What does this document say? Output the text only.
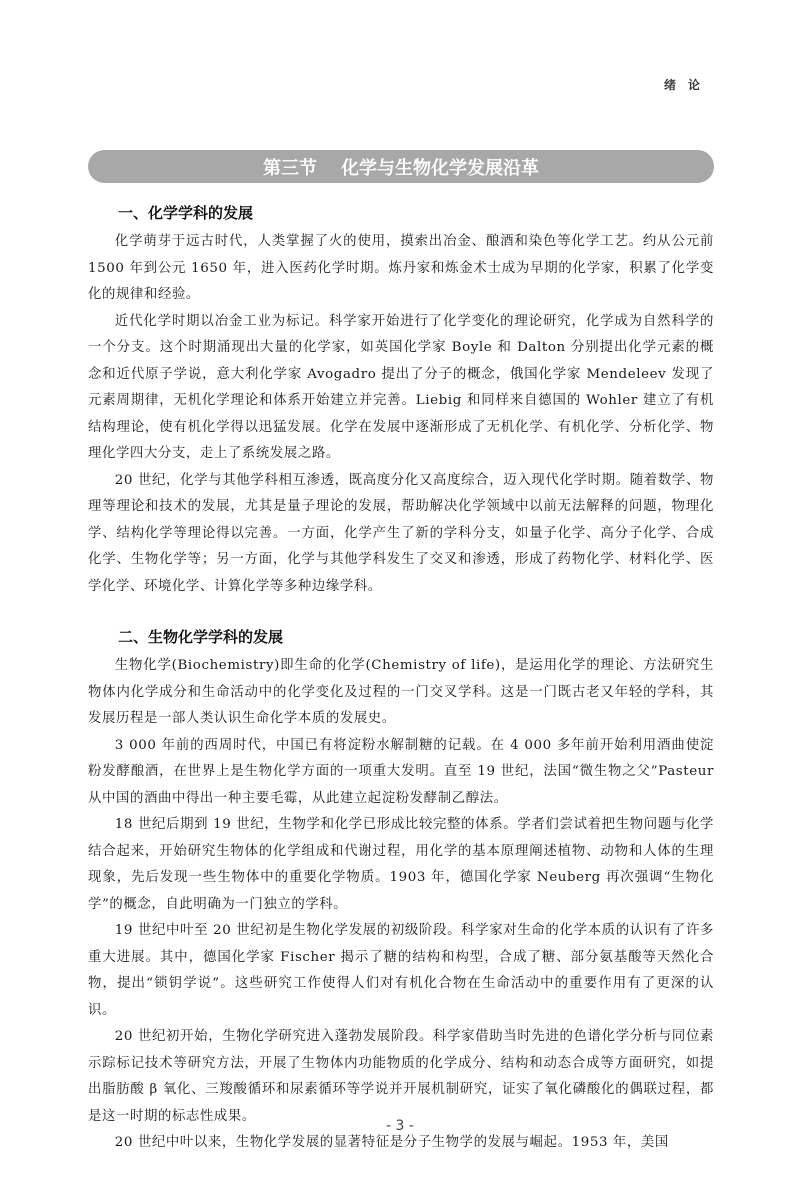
绪论
第三节 化学与生物化学发展沿革
一、化学学科的发展

化学萌芽于远古时代，人类掌握了火的使用，摸索出冶金、酿酒和染色等化学工艺。约从公元前 1500 年到公元 1650 年，进入医药化学时期。炼丹家和炼金术士成为早期的化学家，积累了化学变化的规律和经验。

近代化学时期以冶金工业为标记。科学家开始进行了化学变化的理论研究，化学成为自然科学的一个分支。这个时期涌现出大量的化学家，如英国化学家 Boyle 和 Dalton 分别提出化学元素的概念和近代原子学说，意大利化学家 Avogadro 提出了分子的概念，俄国化学家 Mendeleev 发现了元素周期律，无机化学理论和体系开始建立并完善。Liebig 和同样来自德国的 Wohler 建立了有机结构理论，使有机化学得以迅猛发展。化学在发展中逐渐形成了无机化学、有机化学、分析化学、物理化学四大分支，走上了系统发展之路。

20 世纪，化学与其他学科相互渗透，既高度分化又高度综合，迈入现代化学时期。随着数学、物理等理论和技术的发展，尤其是量子理论的发展，帮助解决化学领域中以前无法解释的问题，物理化学、结构化学等理论得以完善。一方面，化学产生了新的学科分支，如量子化学、高分子化学、合成化学、生物化学等；另一方面，化学与其他学科发生了交叉和渗透，形成了药物化学、材料化学、医学化学、环境化学、计算化学等多种边缘学科。

二、生物化学学科的发展

生物化学(Biochemistry)即生命的化学(Chemistry of life)，是运用化学的理论、方法研究生物体内化学成分和生命活动中的化学变化及过程的一门交叉学科。这是一门既古老又年轻的学科，其发展历程是一部人类认识生命化学本质的发展史。

3 000 年前的西周时代，中国已有将淀粉水解制糖的记载。在 4 000 多年前开始利用酒曲使淀粉发酵酿酒，在世界上是生物化学方面的一项重大发明。直至 19 世纪，法国“微生物之父”Pasteur 从中国的酒曲中得出一种主要毛霉，从此建立起淀粉发酵制乙醇法。

18 世纪后期到 19 世纪，生物学和化学已形成比较完整的体系。学者们尝试着把生物问题与化学结合起来，开始研究生物体的化学组成和代谢过程，用化学的基本原理阐述植物、动物和人体的生理现象，先后发现一些生物体中的重要化学物质。1903 年，德国化学家 Neuberg 再次强调“生物化学”的概念，自此明确为一门独立的学科。

19 世纪中叶至 20 世纪初是生物化学发展的初级阶段。科学家对生命的化学本质的认识有了许多重大进展。其中，德国化学家 Fischer 揭示了糖的结构和构型，合成了糖、部分氨基酸等天然化合物，提出“锁钥学说”。这些研究工作使得人们对有机化合物在生命活动中的重要作用有了更深的认识。

20 世纪初开始，生物化学研究进入蓬勃发展阶段。科学家借助当时先进的色谱化学分析与同位素示踪标记技术等研究方法，开展了生物体内功能物质的化学成分、结构和动态合成等方面研究，如提出脂肪酸 β 氧化、三羧酸循环和尿素循环等学说并开展机制研究，证实了氧化磷酸化的偶联过程，都是这一时期的标志性成果。

20 世纪中叶以来，生物化学发展的显著特征是分子生物学的发展与崛起。1953 年，美国

- 3 -
